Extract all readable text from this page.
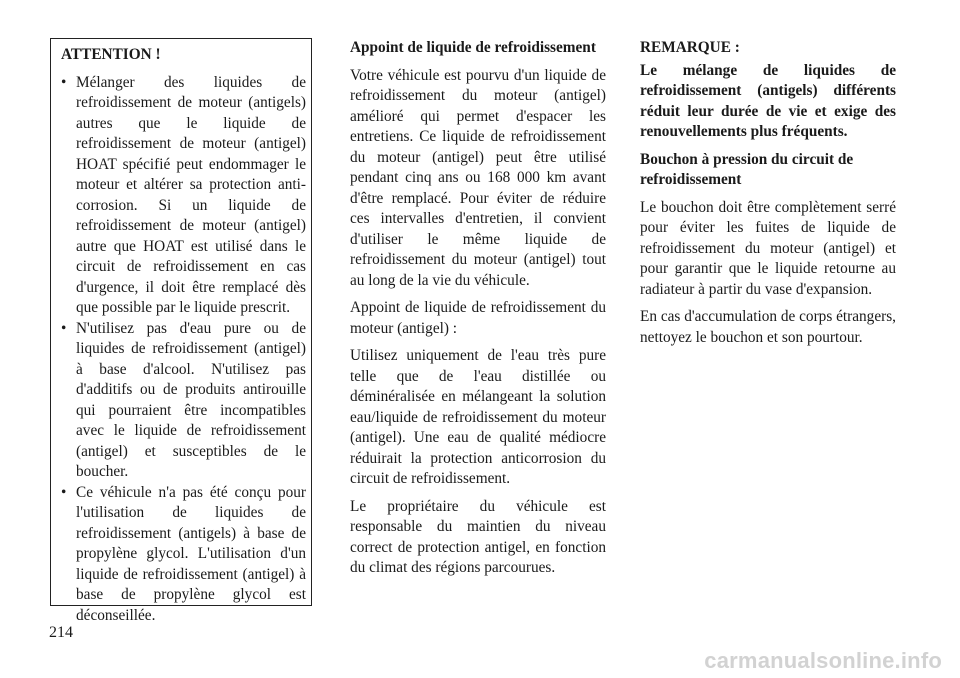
ATTENTION !

• Mélanger des liquides de refroidissement de moteur (antigels) autres que le liquide de refroidissement de moteur (antigel) HOAT spécifié peut endommager le moteur et altérer sa protection anti-corrosion. Si un liquide de refroidissement de moteur (antigel) autre que HOAT est utilisé dans le circuit de refroidissement en cas d'urgence, il doit être remplacé dès que possible par le liquide prescrit.
• N'utilisez pas d'eau pure ou de liquides de refroidissement (antigel) à base d'alcool. N'utilisez pas d'additifs ou de produits antirouille qui pourraient être incompatibles avec le liquide de refroidissement (antigel) et susceptibles de le boucher.
• Ce véhicule n'a pas été conçu pour l'utilisation de liquides de refroidissement (antigels) à base de propylène glycol. L'utilisation d'un liquide de refroidissement (antigel) à base de propylène glycol est déconseillée.

Appoint de liquide de refroidissement

Votre véhicule est pourvu d'un liquide de refroidissement du moteur (antigel) amélioré qui permet d'espacer les entretiens. Ce liquide de refroidissement du moteur (antigel) peut être utilisé pendant cinq ans ou 168 000 km avant d'être remplacé. Pour éviter de réduire ces intervalles d'entretien, il convient d'utiliser le même liquide de refroidissement du moteur (antigel) tout au long de la vie du véhicule.

Appoint de liquide de refroidissement du moteur (antigel) :

Utilisez uniquement de l'eau très pure telle que de l'eau distillée ou déminéralisée en mélangeant la solution eau/liquide de refroidissement du moteur (antigel). Une eau de qualité médiocre réduirait la protection anticorrosion du circuit de refroidissement.

Le propriétaire du véhicule est responsable du maintien du niveau correct de protection antigel, en fonction du climat des régions parcourues.

REMARQUE :

Le mélange de liquides de refroidissement (antigels) différents réduit leur durée de vie et exige des renouvellements plus fréquents.

Bouchon à pression du circuit de refroidissement

Le bouchon doit être complètement serré pour éviter les fuites de liquide de refroidissement du moteur (antigel) et pour garantir que le liquide retourne au radiateur à partir du vase d'expansion.

En cas d'accumulation de corps étrangers, nettoyez le bouchon et son pourtour.

214
carmanualsonline.info
